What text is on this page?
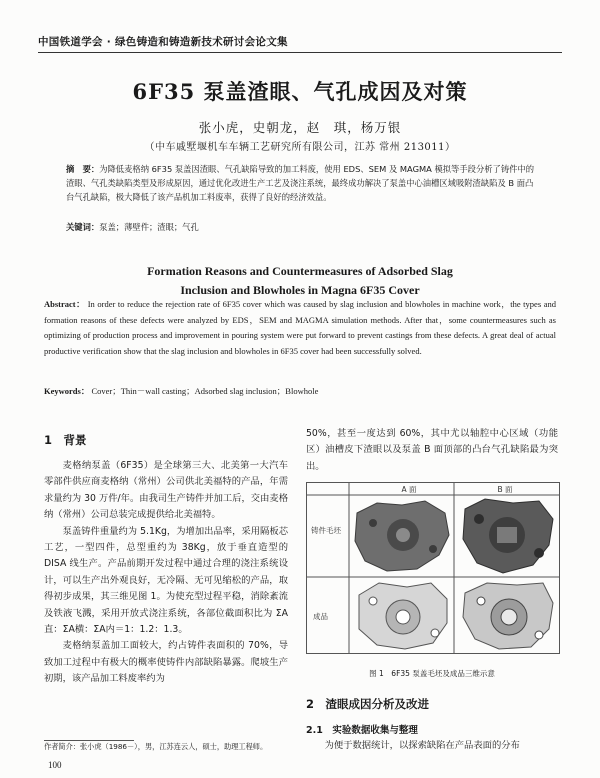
中国铁道学会 · 绿色铸造和铸造新技术研讨会论文集
6F35 泵盖渣眼、气孔成因及对策
张小虎，史朝龙，赵　琪，杨万银
（中车戚墅堰机车车辆工艺研究所有限公司，江苏 常州 213011）
摘　要：为降低麦格纳 6F35 泵盖因渣眼、气孔缺陷导致的加工料废，使用 EDS、SEM 及 MAGMA 模拟等手段分析了铸件中的渣眼、气孔类缺陷类型及形成原因，通过优化改进生产工艺及浇注系统，最终成功解决了泵盖中心油槽区域吸附渣缺陷及 B 面凸台气孔缺陷，极大降低了该产品机加工料废率，获得了良好的经济效益。
关键词：泵盖；薄壁件；渣眼；气孔
Formation Reasons and Countermeasures of Adsorbed Slag
Inclusion and Blowholes in Magna 6F35 Cover
Abstract： In order to reduce the rejection rate of 6F35 cover which was caused by slag inclusion and blowholes in machine work，the types and formation reasons of these defects were analyzed by EDS，SEM and MAGMA simulation methods. After that，some countermeasures such as optimizing of production process and improvement in pouring system were put forward to prevent castings from these defects. A great deal of actual productive verification show that the slag inclusion and blowholes in 6F35 cover had been successfully solved.
Keywords： Cover；Thin－wall casting；Adsorbed slag inclusion；Blowhole
1　背景

麦格纳泵盖（6F35）是全球第三大、北美第一大汽车零部件供应商麦格纳（常州）公司供北美福特的产品，年需求量约为 30 万件/年。由我司生产铸件并加工后，交由麦格纳（常州）公司总装完成提供给北美福特。

泵盖铸件重量约为 5.1Kg，为增加出品率，采用隔板芯工艺，一型四件，总型重约为 38Kg，放于垂直造型的 DISA 线生产。产品前期开发过程中通过合理的浇注系统设计，可以生产出外观良好，无冷隔、无可见缩松的产品，取得初步成果，其三维见图 1。为使充型过程平稳，消除紊流及铁液飞溅，采用开放式浇注系统，各部位截面积比为 ΣA直：ΣA横：ΣA内＝1：1.2：1.3。

麦格纳泵盖加工面较大，约占铸件表面积的 70%，导致加工过程中有极大的概率使铸件内部缺陷暴露。爬坡生产初期，该产品加工料废率约为

50%，甚至一度达到 60%，其中尤以轴腔中心区域（功能区）油槽皮下渣眼以及泵盖 B 面顶部的凸台气孔缺陷最为突出。

A 面	B 面
铸件毛坯
成品
图 1　6F35 泵盖毛坯及成品三维示意
2　渣眼成因分析及改进
2.1　实验数据收集与整理

为便于数据统计，以探索缺陷在产品表面的分布

作者简介：张小虎（1986－），男，江苏连云人，硕士，助理工程师。
100
